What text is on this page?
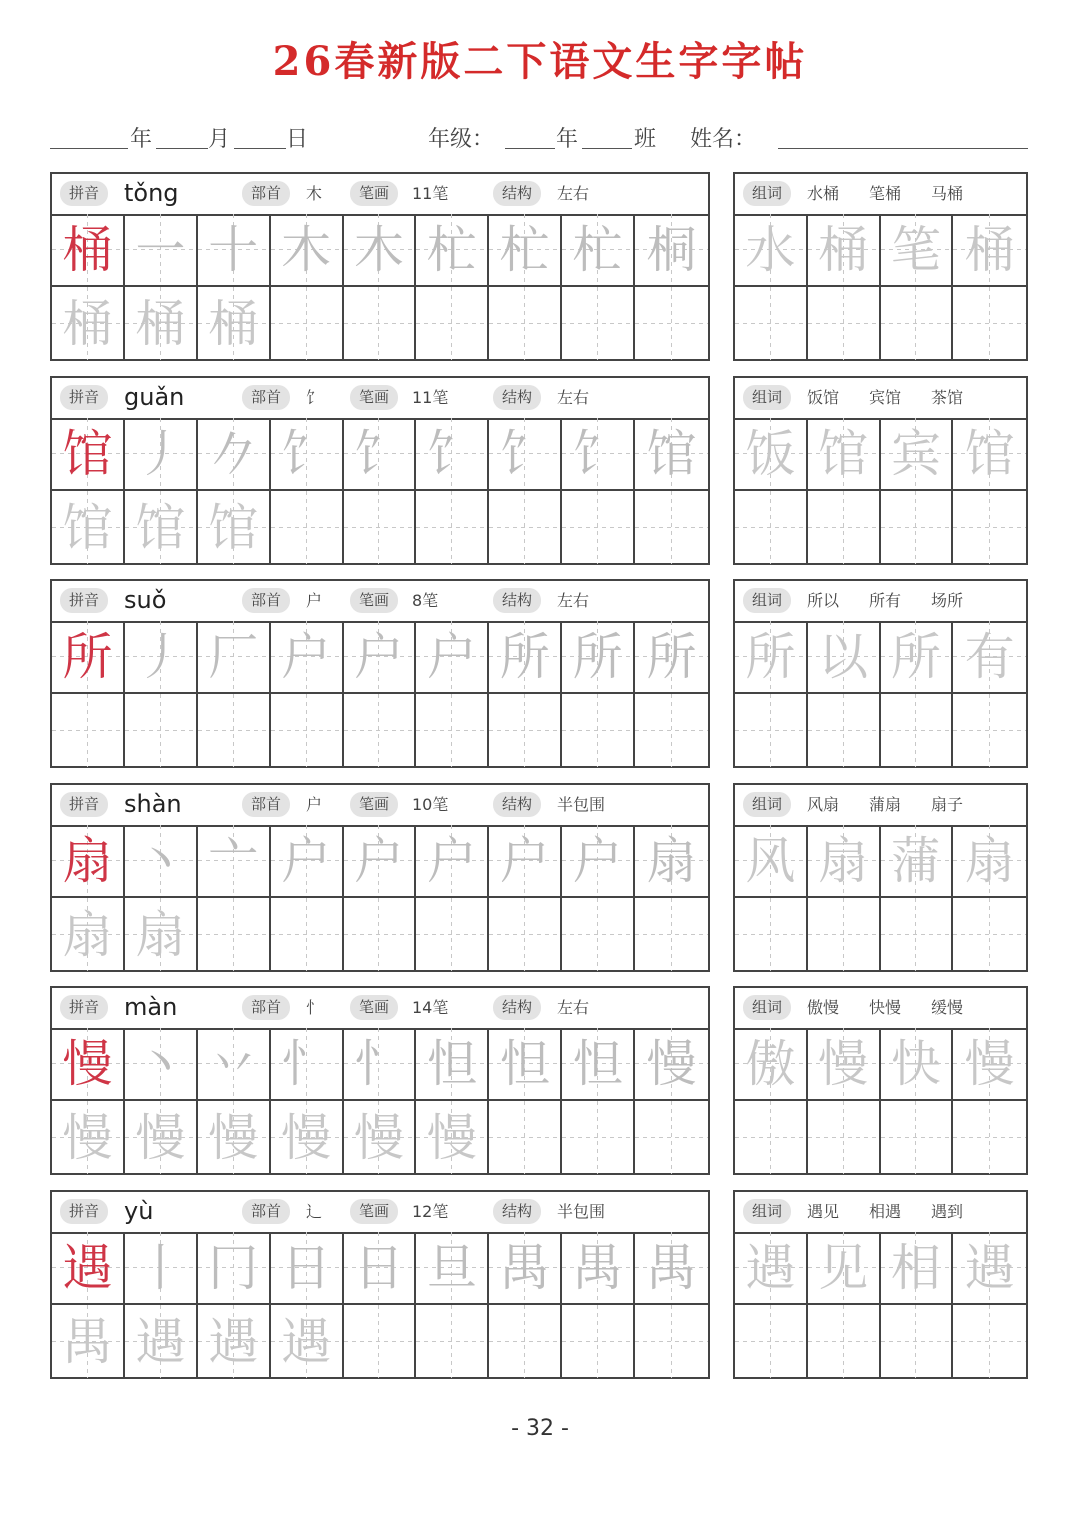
26春新版二下语文生字字帖
年	月	日	年级：	年	班 姓名：
拼音	tǒng	部首	木	笔画	11笔	结构	左右
桶 一 十 木 木 杧 杧 杧 桐
桶 桶 桶
组词	水桶 笔桶 马桶
水 桶 笔 桶
拼音	guǎn	部首	饣	笔画	11笔	结构	左右
馆 丿 𠂊 饣 饣 饣 饣 饣 馆
馆 馆 馆
组词	饭馆 宾馆 茶馆
饭 馆 宾 馆
拼音	suǒ	部首	户	笔画	8笔	结构	左右
所 丿 厂 户 户 户 所 所 所
组词	所以 所有 场所
所 以 所 有
拼音	shàn	部首	户	笔画	10笔	结构	半包围
扇 丶 亠 户 户 户 户 户 扇
扇 扇
组词	风扇 蒲扇 扇子
风 扇 蒲 扇
拼音	màn	部首	忄	笔画	14笔	结构	左右
慢 丶 丷 忄 忄 怛 怛 怛 慢
慢 慢 慢 慢 慢 慢
组词	傲慢 快慢 缓慢
傲 慢 快 慢
拼音	yù	部首	辶	笔画	12笔	结构	半包围
遇 丨 冂 日 日 旦 禺 禺 禺
禺 遇 遇 遇
组词	遇见 相遇 遇到
遇 见 相 遇
- 32 -
